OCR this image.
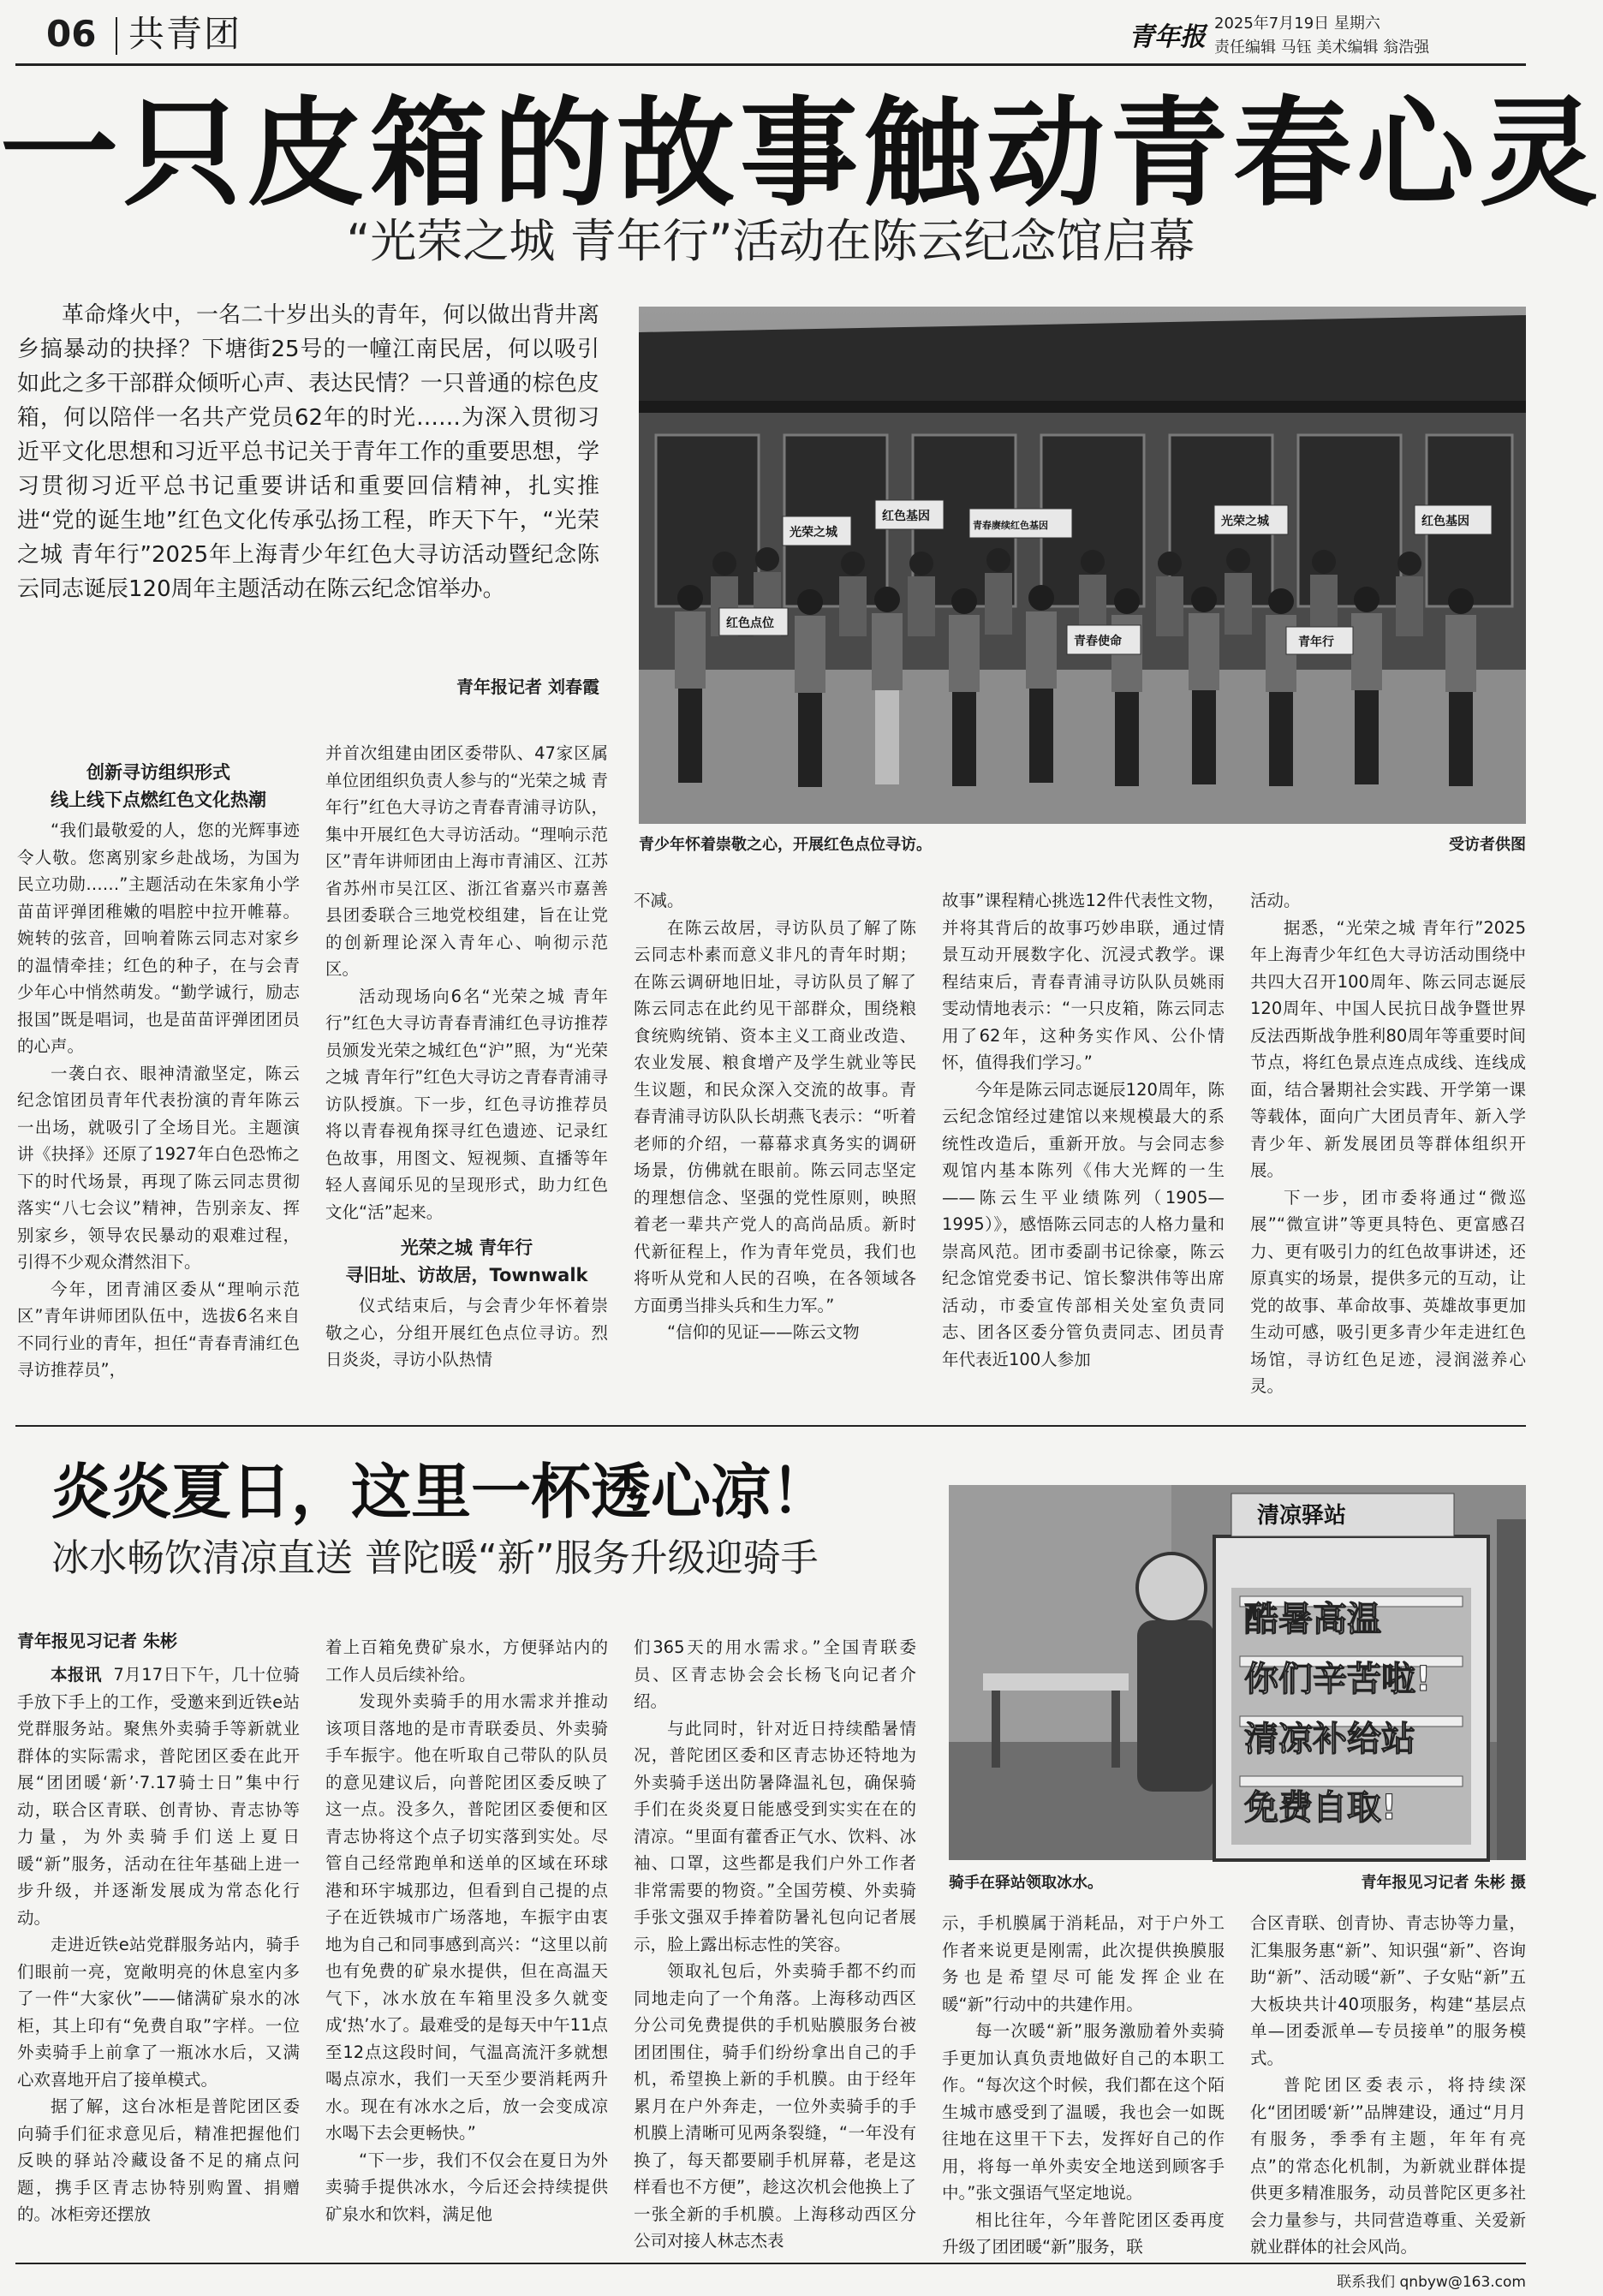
06 共青团	青年报 2025年7月19日 星期六
责任编辑 马钰 美术编辑 翁浩强
一只皮箱的故事触动青春心灵
“光荣之城 青年行”活动在陈云纪念馆启幕

革命烽火中，一名二十岁出头的青年，何以做出背井离乡搞暴动的抉择？下塘街25号的一幢江南民居，何以吸引如此之多干部群众倾听心声、表达民情？一只普通的棕色皮箱，何以陪伴一名共产党员62年的时光……为深入贯彻习近平文化思想和习近平总书记关于青年工作的重要思想，学习贯彻习近平总书记重要讲话和重要回信精神，扎实推进“党的诞生地”红色文化传承弘扬工程，昨天下午，“光荣之城 青年行”2025年上海青少年红色大寻访活动暨纪念陈云同志诞辰120周年主题活动在陈云纪念馆举办。

青年报记者 刘春霞
光荣之城
红色基因	红色基因
青春赓续红色基因
红色点位
光荣之城
青年行
青春使命
青少年怀着崇敬之心，开展红色点位寻访。	受访者供图
创新寻访组织形式
线上线下点燃红色文化热潮

“我们最敬爱的人，您的光辉事迹令人敬。您离别家乡赴战场，为国为民立功勋……”主题活动在朱家角小学苗苗评弹团稚嫩的唱腔中拉开帷幕。婉转的弦音，回响着陈云同志对家乡的温情牵挂；红色的种子，在与会青少年心中悄然萌发。“勤学诚行，励志报国”既是唱词，也是苗苗评弹团团员的心声。

一袭白衣、眼神清澈坚定，陈云纪念馆团员青年代表扮演的青年陈云一出场，就吸引了全场目光。主题演讲《抉择》还原了1927年白色恐怖之下的时代场景，再现了陈云同志贯彻落实“八七会议”精神，告别亲友、挥别家乡，领导农民暴动的艰难过程，引得不少观众潸然泪下。

今年，团青浦区委从“理响示范区”青年讲师团队伍中，选拔6名来自不同行业的青年，担任“青春青浦红色寻访推荐员”，

并首次组建由团区委带队、47家区属单位团组织负责人参与的“光荣之城 青年行”红色大寻访之青春青浦寻访队，集中开展红色大寻访活动。“理响示范区”青年讲师团由上海市青浦区、江苏省苏州市吴江区、浙江省嘉兴市嘉善县团委联合三地党校组建，旨在让党的创新理论深入青年心、响彻示范区。

活动现场向6名“光荣之城 青年行”红色大寻访青春青浦红色寻访推荐员颁发光荣之城红色“沪”照，为“光荣之城 青年行”红色大寻访之青春青浦寻访队授旗。下一步，红色寻访推荐员将以青春视角探寻红色遗迹、记录红色故事，用图文、短视频、直播等年轻人喜闻乐见的呈现形式，助力红色文化“活”起来。

光荣之城 青年行
寻旧址、访故居，Townwalk

仪式结束后，与会青少年怀着崇敬之心，分组开展红色点位寻访。烈日炎炎，寻访小队热情

不减。

在陈云故居，寻访队员了解了陈云同志朴素而意义非凡的青年时期；在陈云调研地旧址，寻访队员了解了陈云同志在此约见干部群众，围绕粮食统购统销、资本主义工商业改造、农业发展、粮食增产及学生就业等民生议题，和民众深入交流的故事。青春青浦寻访队队长胡燕飞表示：“听着老师的介绍，一幕幕求真务实的调研场景，仿佛就在眼前。陈云同志坚定的理想信念、坚强的党性原则，映照着老一辈共产党人的高尚品质。新时代新征程上，作为青年党员，我们也将听从党和人民的召唤，在各领域各方面勇当排头兵和生力军。”

“信仰的见证——陈云文物

故事”课程精心挑选12件代表性文物，并将其背后的故事巧妙串联，通过情景互动开展数字化、沉浸式教学。课程结束后，青春青浦寻访队队员姚雨雯动情地表示：“一只皮箱，陈云同志用了62年，这种务实作风、公仆情怀，值得我们学习。”

今年是陈云同志诞辰120周年，陈云纪念馆经过建馆以来规模最大的系统性改造后，重新开放。与会同志参观馆内基本陈列《伟大光辉的一生——陈云生平业绩陈列（1905—1995）》，感悟陈云同志的人格力量和崇高风范。团市委副书记徐豪，陈云纪念馆党委书记、馆长黎洪伟等出席活动，市委宣传部相关处室负责同志、团各区委分管负责同志、团员青年代表近100人参加

活动。

据悉，“光荣之城 青年行”2025年上海青少年红色大寻访活动围绕中共四大召开100周年、陈云同志诞辰120周年、中国人民抗日战争暨世界反法西斯战争胜利80周年等重要时间节点，将红色景点连点成线、连线成面，结合暑期社会实践、开学第一课等载体，面向广大团员青年、新入学青少年、新发展团员等群体组织开展。

下一步，团市委将通过“微巡展”“微宣讲”等更具特色、更富感召力、更有吸引力的红色故事讲述，还原真实的场景，提供多元的互动，让党的故事、革命故事、英雄故事更加生动可感，吸引更多青少年走进红色场馆，寻访红色足迹，浸润滋养心灵。

炎炎夏日，这里一杯透心凉！
冰水畅饮清凉直送 普陀暖“新”服务升级迎骑手
青年报见习记者 朱彬
清凉驿站
酷暑高温
你们辛苦啦!
清凉补给站
免费自取!
骑手在驿站领取冰水。	青年报见习记者 朱彬 摄

本报讯 7月17日下午，几十位骑手放下手上的工作，受邀来到近铁e站党群服务站。聚焦外卖骑手等新就业群体的实际需求，普陀团区委在此开展“团团暖‘新’·7.17骑士日”集中行动，联合区青联、创青协、青志协等力量，为外卖骑手们送上夏日暖“新”服务，活动在往年基础上进一步升级，并逐渐发展成为常态化行动。

走进近铁e站党群服务站内，骑手们眼前一亮，宽敞明亮的休息室内多了一件“大家伙”——储满矿泉水的冰柜，其上印有“免费自取”字样。一位外卖骑手上前拿了一瓶冰水后，又满心欢喜地开启了接单模式。

据了解，这台冰柜是普陀团区委向骑手们征求意见后，精准把握他们反映的驿站冷藏设备不足的痛点问题，携手区青志协特别购置、捐赠的。冰柜旁还摆放

着上百箱免费矿泉水，方便驿站内的工作人员后续补给。

发现外卖骑手的用水需求并推动该项目落地的是市青联委员、外卖骑手车振宇。他在听取自己带队的队员的意见建议后，向普陀团区委反映了这一点。没多久，普陀团区委便和区青志协将这个点子切实落到实处。尽管自己经常跑单和送单的区域在环球港和环宇城那边，但看到自己提的点子在近铁城市广场落地，车振宇由衷地为自己和同事感到高兴：“这里以前也有免费的矿泉水提供，但在高温天气下，冰水放在车箱里没多久就变成‘热’水了。最难受的是每天中午11点至12点这段时间，气温高流汗多就想喝点凉水，我们一天至少要消耗两升水。现在有冰水之后，放一会变成凉水喝下去会更畅快。”

“下一步，我们不仅会在夏日为外卖骑手提供冰水，今后还会持续提供矿泉水和饮料，满足他

们365天的用水需求。”全国青联委员、区青志协会会长杨飞向记者介绍。

与此同时，针对近日持续酷暑情况，普陀团区委和区青志协还特地为外卖骑手送出防暑降温礼包，确保骑手们在炎炎夏日能感受到实实在在的清凉。“里面有藿香正气水、饮料、冰袖、口罩，这些都是我们户外工作者非常需要的物资。”全国劳模、外卖骑手张文强双手捧着防暑礼包向记者展示，脸上露出标志性的笑容。

领取礼包后，外卖骑手都不约而同地走向了一个角落。上海移动西区分公司免费提供的手机贴膜服务台被团团围住，骑手们纷纷拿出自己的手机，希望换上新的手机膜。由于经年累月在户外奔走，一位外卖骑手的手机膜上清晰可见两条裂缝，“一年没有换了，每天都要刷手机屏幕，老是这样看也不方便”，趁这次机会他换上了一张全新的手机膜。上海移动西区分公司对接人林志杰表

示，手机膜属于消耗品，对于户外工作者来说更是刚需，此次提供换膜服务也是希望尽可能发挥企业在暖“新”行动中的共建作用。

每一次暖“新”服务激励着外卖骑手更加认真负责地做好自己的本职工作。“每次这个时候，我们都在这个陌生城市感受到了温暖，我也会一如既往地在这里干下去，发挥好自己的作用，将每一单外卖安全地送到顾客手中。”张文强语气坚定地说。

相比往年，今年普陀团区委再度升级了团团暖“新”服务，联

合区青联、创青协、青志协等力量，汇集服务惠“新”、知识强“新”、咨询助“新”、活动暖“新”、子女贴“新”五大板块共计40项服务，构建“基层点单—团委派单—专员接单”的服务模式。

普陀团区委表示，将持续深化“团团暖‘新’”品牌建设，通过“月月有服务，季季有主题，年年有亮点”的常态化机制，为新就业群体提供更多精准服务，动员普陀区更多社会力量参与，共同营造尊重、关爱新就业群体的社会风尚。

联系我们 qnbyw@163.com
